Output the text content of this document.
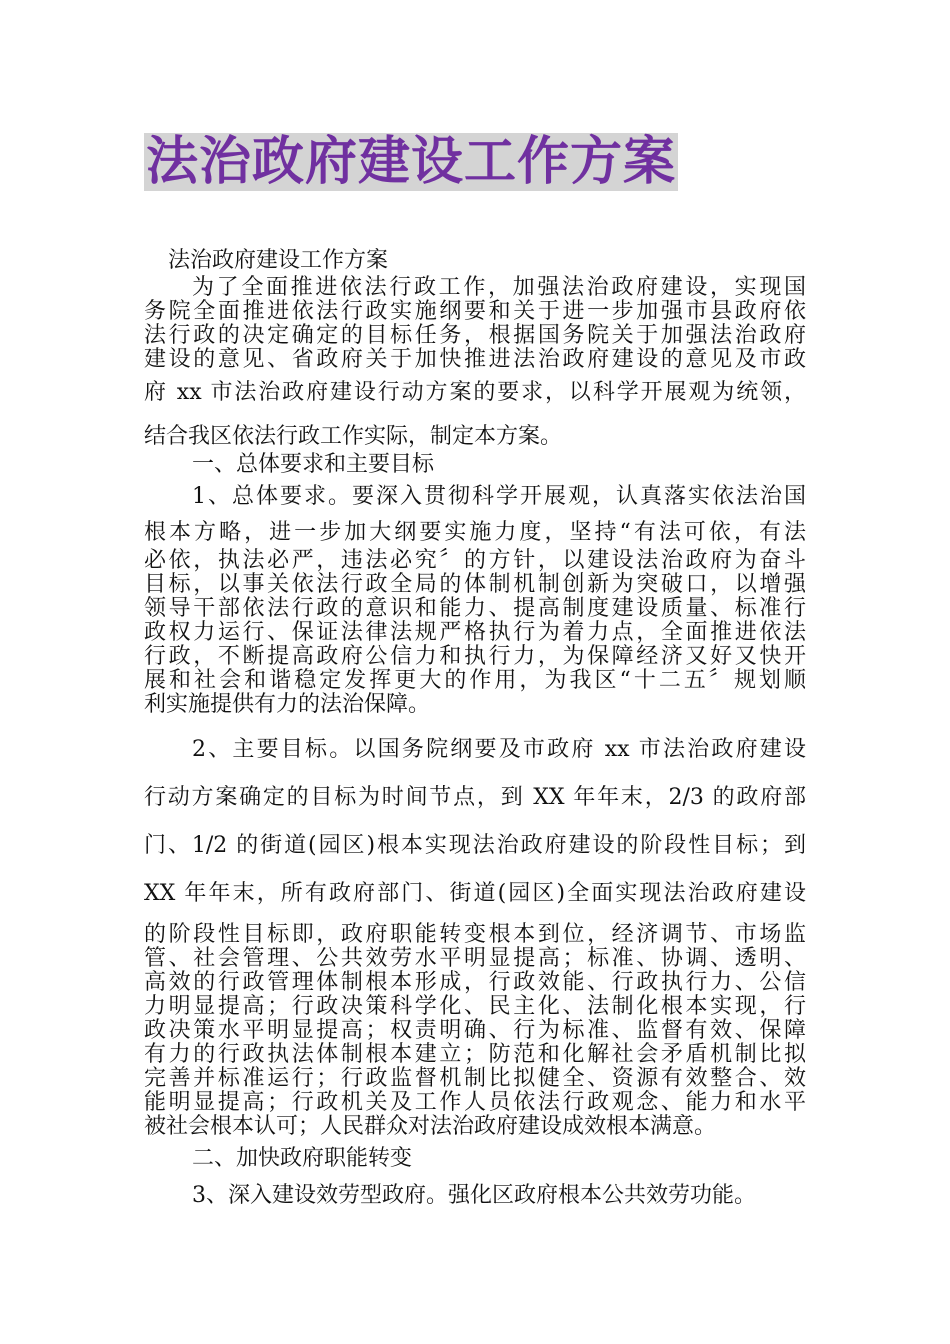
法治政府建设工作方案
法治政府建设工作方案
为了全面推进依法行政工作，加强法治政府建设，实现国
务院全面推进依法行政实施纲要和关于进一步加强市县政府依
法行政的决定确定的目标任务，根据国务院关于加强法治政府
建设的意见、省政府关于加快推进法治政府建设的意见及市政
府 xx 市法治政府建设行动方案的要求，以科学开展观为统领，
结合我区依法行政工作实际，制定本方案。
一、总体要求和主要目标
1、总体要求。要深入贯彻科学开展观，认真落实依法治国
根本方略，进一步加大纲要实施力度，坚持“有法可依，有法
必依，执法必严，违法必究〞的方针，以建设法治政府为奋斗
目标，以事关依法行政全局的体制机制创新为突破口，以增强
领导干部依法行政的意识和能力、提高制度建设质量、标准行
政权力运行、保证法律法规严格执行为着力点，全面推进依法
行政，不断提高政府公信力和执行力，为保障经济又好又快开
展和社会和谐稳定发挥更大的作用，为我区“十二五〞规划顺
利实施提供有力的法治保障。
2、主要目标。以国务院纲要及市政府 xx 市法治政府建设
行动方案确定的目标为时间节点，到 XX 年年末，2/3 的政府部
门、1/2 的街道(园区)根本实现法治政府建设的阶段性目标；到
XX 年年末，所有政府部门、街道(园区)全面实现法治政府建设
的阶段性目标即，政府职能转变根本到位，经济调节、市场监
管、社会管理、公共效劳水平明显提高；标准、协调、透明、
高效的行政管理体制根本形成，行政效能、行政执行力、公信
力明显提高；行政决策科学化、民主化、法制化根本实现，行
政决策水平明显提高；权责明确、行为标准、监督有效、保障
有力的行政执法体制根本建立；防范和化解社会矛盾机制比拟
完善并标准运行；行政监督机制比拟健全、资源有效整合、效
能明显提高；行政机关及工作人员依法行政观念、能力和水平
被社会根本认可；人民群众对法治政府建设成效根本满意。
二、加快政府职能转变
3、深入建设效劳型政府。强化区政府根本公共效劳功能。
